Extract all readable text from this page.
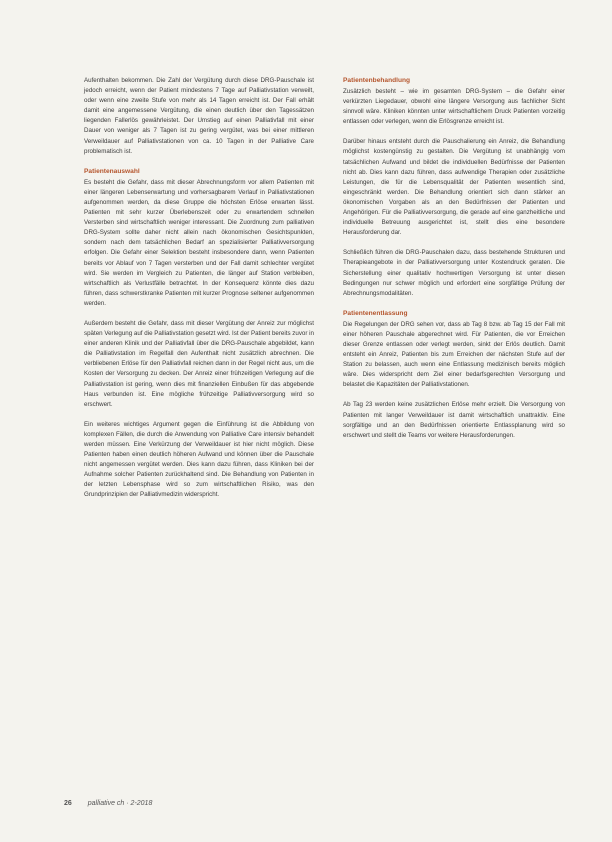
Aufenthalten bekommen. Die Zahl der Vergütung durch diese DRG-Pauschale ist jedoch erreicht, wenn der Patient mindestens 7 Tage auf Palliativstation verweilt, oder wenn eine zweite Stufe von mehr als 14 Tagen erreicht ist. Der Fall erhält damit eine angemessene Vergütung, die einen deutlich über den Tagessätzen liegenden Fallerlös gewährleistet. Der Umstieg auf einen Palliativfall mit einer Dauer von weniger als 7 Tagen ist zu gering vergütet, was bei einer mittleren Verweildauer auf Palliativstationen von ca. 10 Tagen in der Palliative Care problematisch ist.

Patientenauswahl

Es besteht die Gefahr, dass mit dieser Abrechnungsform vor allem Patienten mit einer längeren Lebenserwartung und vorhersagbarem Verlauf in Palliativstationen aufgenommen werden, da diese Gruppe die höchsten Erlöse erwarten lässt. Patienten mit sehr kurzer Überlebenszeit oder zu erwartendem schnellen Versterben sind wirtschaftlich weniger interessant. Die Zuordnung zum palliativen DRG-System sollte daher nicht allein nach ökonomischen Gesichtspunkten, sondern nach dem tatsächlichen Bedarf an spezialisierter Palliativversorgung erfolgen. Die Gefahr einer Selektion besteht insbesondere dann, wenn Patienten bereits vor Ablauf von 7 Tagen versterben und der Fall damit schlechter vergütet wird. Sie werden im Vergleich zu Patienten, die länger auf Station verbleiben, wirtschaftlich als Verlustfälle betrachtet. In der Konsequenz könnte dies dazu führen, dass schwerstkranke Patienten mit kurzer Prognose seltener aufgenommen werden.

Außerdem besteht die Gefahr, dass mit dieser Vergütung der Anreiz zur möglichst späten Verlegung auf die Palliativstation gesetzt wird. Ist der Patient bereits zuvor in einer anderen Klinik und der Palliativfall über die DRG-Pauschale abgebildet, kann die Palliativstation im Regelfall den Aufenthalt nicht zusätzlich abrechnen. Die verbliebenen Erlöse für den Palliativfall reichen dann in der Regel nicht aus, um die Kosten der Versorgung zu decken. Der Anreiz einer frühzeitigen Verlegung auf die Palliativstation ist gering, wenn dies mit finanziellen Einbußen für das abgebende Haus verbunden ist. Eine mögliche frühzeitige Palliativversorgung wird so erschwert.

Ein weiteres wichtiges Argument gegen die Einführung ist die Abbildung von komplexen Fällen, die durch die Anwendung von Palliative Care intensiv behandelt werden müssen. Eine Verkürzung der Verweildauer ist hier nicht möglich. Diese Patienten haben einen deutlich höheren Aufwand und können über die Pauschale nicht angemessen vergütet werden. Dies kann dazu führen, dass Kliniken bei der Aufnahme solcher Patienten zurückhaltend sind. Die Behandlung von Patienten in der letzten Lebensphase wird so zum wirtschaftlichen Risiko, was den Grundprinzipien der Palliativmedizin widerspricht.

Patientenbehandlung

Zusätzlich besteht – wie im gesamten DRG-System – die Gefahr einer verkürzten Liegedauer, obwohl eine längere Versorgung aus fachlicher Sicht sinnvoll wäre. Kliniken könnten unter wirtschaftlichem Druck Patienten vorzeitig entlassen oder verlegen, wenn die Erlösgrenze erreicht ist.

Darüber hinaus entsteht durch die Pauschalierung ein Anreiz, die Behandlung möglichst kostengünstig zu gestalten. Die Vergütung ist unabhängig vom tatsächlichen Aufwand und bildet die individuellen Bedürfnisse der Patienten nicht ab. Dies kann dazu führen, dass aufwendige Therapien oder zusätzliche Leistungen, die für die Lebensqualität der Patienten wesentlich sind, eingeschränkt werden. Die Behandlung orientiert sich dann stärker an ökonomischen Vorgaben als an den Bedürfnissen der Patienten und Angehörigen. Für die Palliativversorgung, die gerade auf eine ganzheitliche und individuelle Betreuung ausgerichtet ist, stellt dies eine besondere Herausforderung dar.

Schließlich führen die DRG-Pauschalen dazu, dass bestehende Strukturen und Therapieangebote in der Palliativversorgung unter Kostendruck geraten. Die Sicherstellung einer qualitativ hochwertigen Versorgung ist unter diesen Bedingungen nur schwer möglich und erfordert eine sorgfältige Prüfung der Abrechnungsmodalitäten.

Patientenentlassung

Die Regelungen der DRG sehen vor, dass ab Tag 8 bzw. ab Tag 15 der Fall mit einer höheren Pauschale abgerechnet wird. Für Patienten, die vor Erreichen dieser Grenze entlassen oder verlegt werden, sinkt der Erlös deutlich. Damit entsteht ein Anreiz, Patienten bis zum Erreichen der nächsten Stufe auf der Station zu belassen, auch wenn eine Entlassung medizinisch bereits möglich wäre. Dies widerspricht dem Ziel einer bedarfsgerechten Versorgung und belastet die Kapazitäten der Palliativstationen.

Ab Tag 23 werden keine zusätzlichen Erlöse mehr erzielt. Die Versorgung von Patienten mit langer Verweildauer ist damit wirtschaftlich unattraktiv. Eine sorgfältige und an den Bedürfnissen orientierte Entlassplanung wird so erschwert und stellt die Teams vor weitere Herausforderungen.

26 palliative ch · 2-2018
